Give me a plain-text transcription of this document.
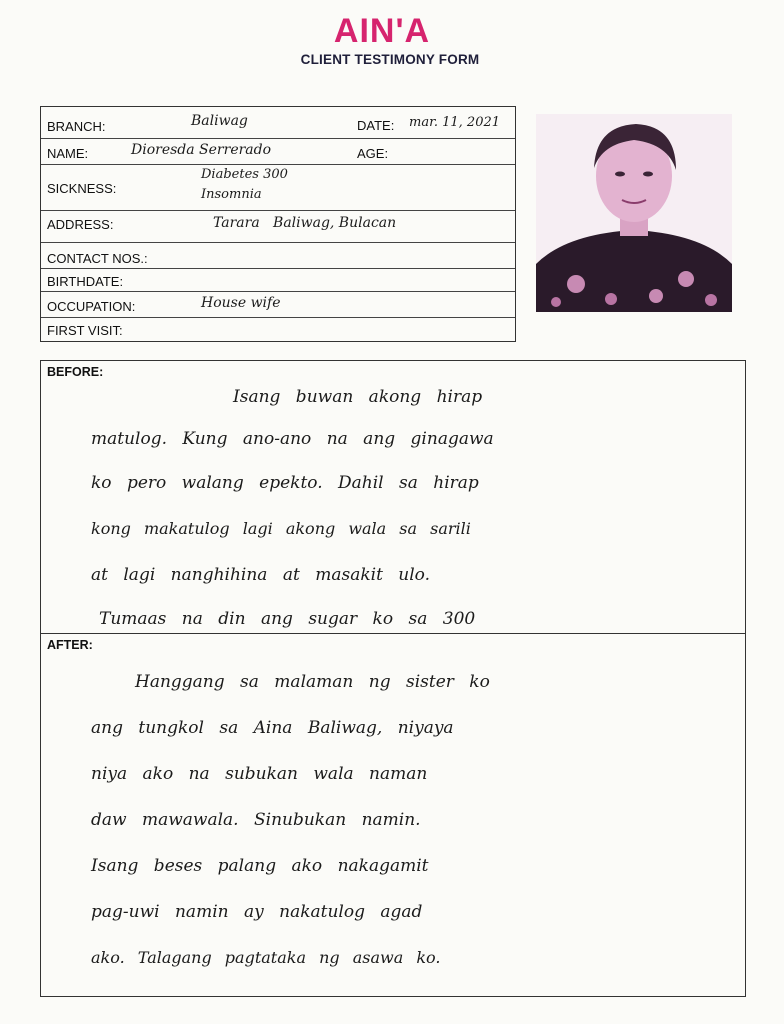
AIN'A
CLIENT TESTIMONY FORM
BRANCH:	Baliwag	DATE: mar. 11, 2021
NAME:	Dioresda Serrerado	AGE:
SICKNESS:
Diabetes 300
Insomnia
ADDRESS:	Tarara   Baliwag, Bulacan
CONTACT NOS.:
BIRTHDATE:
OCCUPATION:	House wife
FIRST VISIT:
BEFORE:
Isang buwan akong hirap
matulog. Kung ano-ano na ang ginagawa
ko pero walang epekto. Dahil sa hirap
kong makatulog lagi akong wala sa sarili
at lagi nanghihina at masakit ulo.
Tumaas na din ang sugar ko sa 300
AFTER:
Hanggang sa malaman ng sister ko
ang tungkol sa Aina Baliwag, niyaya
niya ako na subukan wala naman
daw mawawala. Sinubukan namin.
Isang beses palang ako nakagamit
pag-uwi namin ay nakatulog agad
ako. Talagang pagtataka ng asawa ko.
